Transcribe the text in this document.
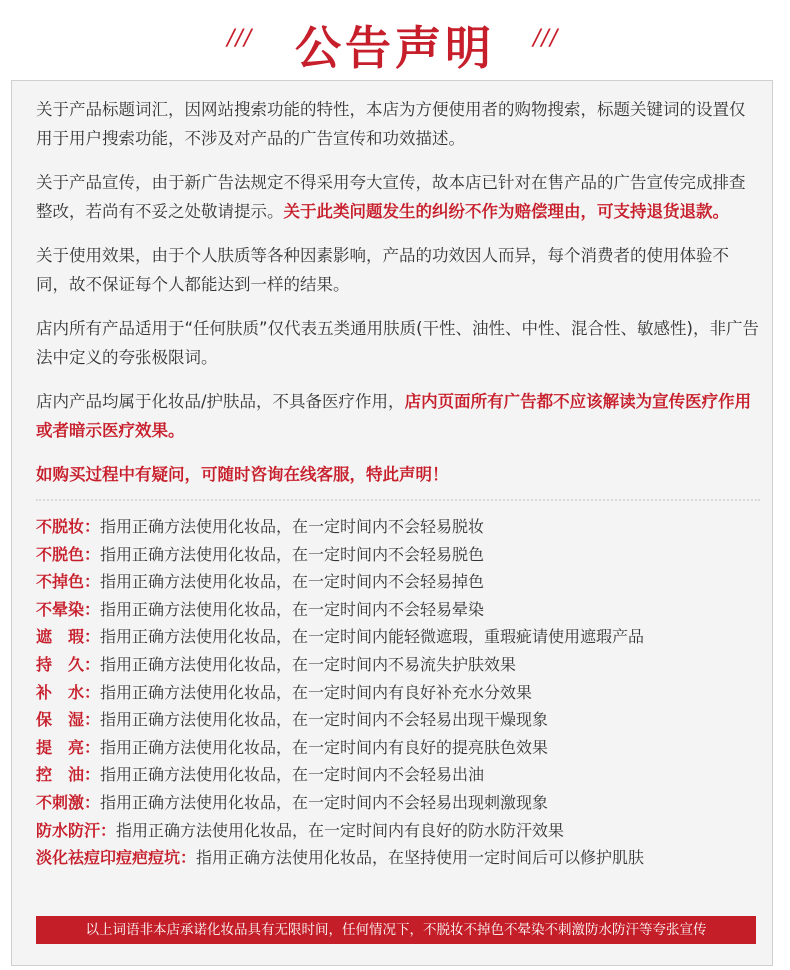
/// 公告声明	///

关于产品标题词汇，因网站搜索功能的特性，本店为方便使用者的购物搜索，标题关键词的设置仅用于用户搜索功能，不涉及对产品的广告宣传和功效描述。

关于产品宣传，由于新广告法规定不得采用夸大宣传，故本店已针对在售产品的广告宣传完成排查整改，若尚有不妥之处敬请提示。关于此类问题发生的纠纷不作为赔偿理由，可支持退货退款。

关于使用效果，由于个人肤质等各种因素影响，产品的功效因人而异，每个消费者的使用体验不同，故不保证每个人都能达到一样的结果。

店内所有产品适用于“任何肤质”仅代表五类通用肤质(干性、油性、中性、混合性、敏感性)，非广告法中定义的夸张极限词。

店内产品均属于化妆品/护肤品，不具备医疗作用，店内页面所有广告都不应该解读为宣传医疗作用或者暗示医疗效果。

如购买过程中有疑问，可随时咨询在线客服，特此声明！

不脱妆：指用正确方法使用化妆品，在一定时间内不会轻易脱妆
不脱色：指用正确方法使用化妆品，在一定时间内不会轻易脱色
不掉色：指用正确方法使用化妆品，在一定时间内不会轻易掉色
不晕染：指用正确方法使用化妆品，在一定时间内不会轻易晕染
遮　瑕：指用正确方法使用化妆品，在一定时间内能轻微遮瑕，重瑕疵请使用遮瑕产品
持　久：指用正确方法使用化妆品，在一定时间内不易流失护肤效果
补　水：指用正确方法使用化妆品，在一定时间内有良好补充水分效果
保　湿：指用正确方法使用化妆品，在一定时间内不会轻易出现干燥现象
提　亮：指用正确方法使用化妆品，在一定时间内有良好的提亮肤色效果
控　油：指用正确方法使用化妆品，在一定时间内不会轻易出油
不刺激：指用正确方法使用化妆品，在一定时间内不会轻易出现刺激现象
防水防汗：指用正确方法使用化妆品，在一定时间内有良好的防水防汗效果
淡化祛痘印痘疤痘坑：指用正确方法使用化妆品，在坚持使用一定时间后可以修护肌肤
以上词语非本店承诺化妆品具有无限时间，任何情况下，不脱妆不掉色不晕染不刺激防水防汗等夸张宣传
